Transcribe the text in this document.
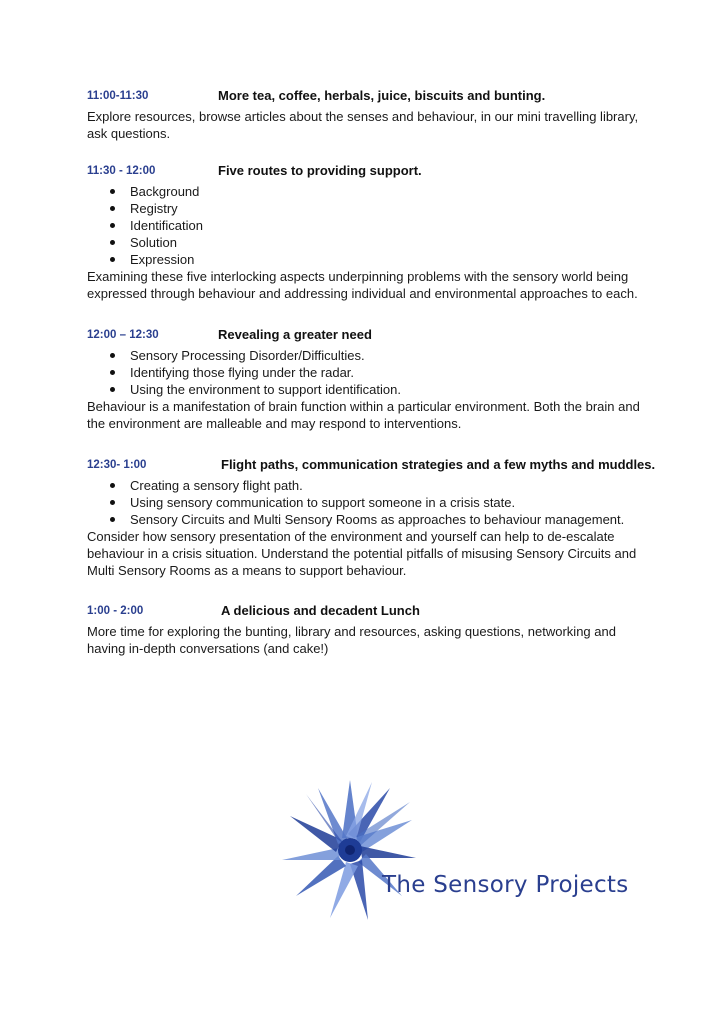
11:00-11:30	More tea, coffee, herbals, juice, biscuits and bunting.

Explore resources, browse articles about the senses and behaviour, in our mini travelling library, ask questions.

11:30 - 12:00	Five routes to providing support.
Background
Registry
Identification
Solution
Expression

Examining these five interlocking aspects underpinning problems with the sensory world being expressed through behaviour and addressing individual and environmental approaches to each.

12:00 – 12:30	Revealing a greater need
Sensory Processing Disorder/Difficulties.
Identifying those flying under the radar.
Using the environment to support identification.

Behaviour is a manifestation of brain function within a particular environment. Both the brain and the environment are malleable and may respond to interventions.

12:30- 1:00	Flight paths, communication strategies and a few myths and muddles.
Creating a sensory flight path.
Using sensory communication to support someone in a crisis state.
Sensory Circuits and Multi Sensory Rooms as approaches to behaviour management.

Consider how sensory presentation of the environment and yourself can help to de-escalate behaviour in a crisis situation. Understand the potential pitfalls of misusing Sensory Circuits and Multi Sensory Rooms as a means to support behaviour.

1:00 - 2:00	A delicious and decadent Lunch

More time for exploring the bunting, library and resources, asking questions, networking and having in-depth conversations (and cake!)

The Sensory Projects
